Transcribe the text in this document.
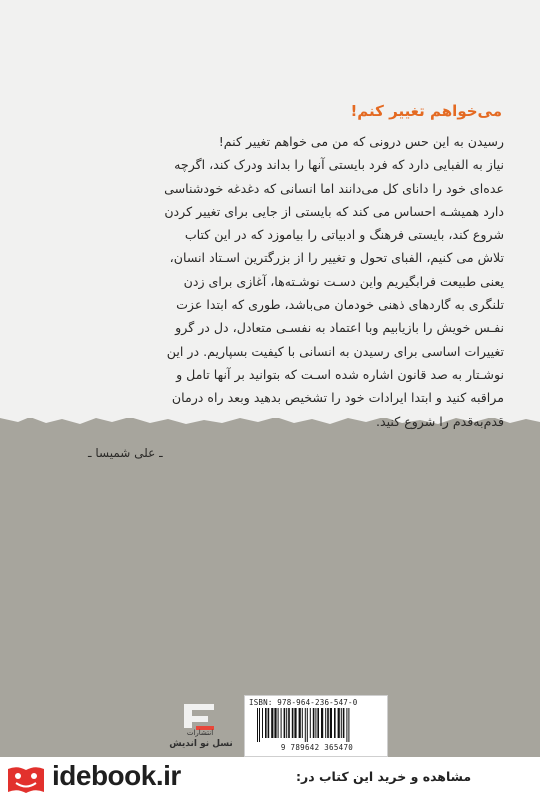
می‌خواهم تغییر کنم!
رسیدن به این حس درونی که من می خواهم تغییر کنم!
نیاز به الفبایی دارد که فرد بایستی آنها را بداند ودرک کند، اگرچه
عده‌ای خود را دانای کل می‌دانند اما انسانی که دغدغه خودشناسی
دارد همیشـه احساس می کند که بایستی از جایی برای تغییر کردن
شروع کند، بایستی فرهنگ و ادبیاتی را بیاموزد که در این کتاب
تلاش می کنیم، الفبای تحول و تغییر را از بزرگترین اسـتاد انسان،
یعنی طبیعت فرابگیریم واین دسـت نوشـته‌ها، آغازی برای زدن
تلنگری به گاردهای ذهنی خودمان می‌باشد، طوری که ابتدا عزت
نفـس خویش را بازیابیم وبا اعتماد به نفسـی متعادل، دل در گرو
تغییرات اساسی برای رسیدن به انسانی با کیفیت بسپاریم. در این
نوشـتار به صد قانون اشاره شده اسـت که بتوانید بر آنها تامل و
مراقبه کنید و ابتدا ایرادات خود را تشخیص بدهید وبعد راه درمان
قدم‌به‌قدم را شروع کنید.
ـ علی شمیسا ـ
انتشارات
نسل نو اندیش
ISBN: 978-964-236-547-0
9 789642 365470
idebook.ir	مشاهده و خرید این کتاب در:
